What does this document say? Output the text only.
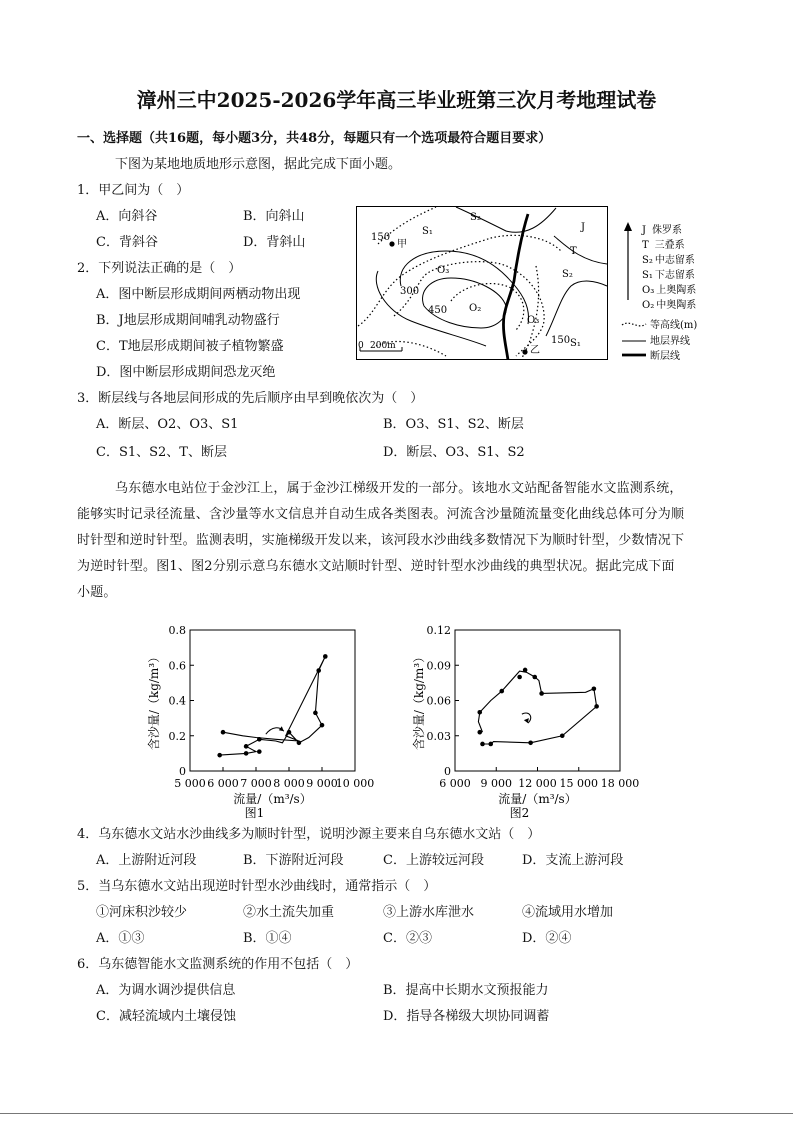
漳州三中2025-2026学年高三毕业班第三次月考地理试卷
一、选择题（共16题，每小题3分，共48分，每题只有一个选项最符合题目要求）
下图为某地地质地形示意图，据此完成下面小题。
1．甲乙间为（　）
A．向斜谷	B．向斜山
C．背斜谷	D．背斜山
2．下列说法正确的是（　）
A．图中断层形成期间两栖动物出现
B．J地层形成期间哺乳动物盛行
C．T地层形成期间被子植物繁盛
D．图中断层形成期间恐龙灭绝
150
甲
S₁
S₂
J
T
O₃
300
450 O₂
O₃
S₂
150 S₁
乙
0 200m
J 侏罗系
T 三叠系
S₂ 中志留系
S₁ 下志留系
O₃ 上奥陶系
O₂ 中奥陶系
等高线(m)
地层界线
断层线
3．断层线与各地层间形成的先后顺序由早到晚依次为（　）
A．断层、O2、O3、S1	B．O3、S1、S2、断层
C．S1、S2、T、断层	D．断层、O3、S1、S2
乌东德水电站位于金沙江上，属于金沙江梯级开发的一部分。该地水文站配备智能水文监测系统，
能够实时记录径流量、含沙量等水文信息并自动生成各类图表。河流含沙量随流量变化曲线总体可分为顺
时针型和逆时针型。监测表明，实施梯级开发以来，该河段水沙曲线多数情况下为顺时针型，少数情况下
为逆时针型。图1、图2分别示意乌东德水文站顺时针型、逆时针型水沙曲线的典型状况。据此完成下面
小题。
5 000 6 000 7 000 8 000 9 000
10 000
0
0.2
0.4
0.6
0.8
流量/（m³/s）
含沙量/（kg/m³）
图1
6 000 9 000 12 000 15 000 18 000
0
0.03
0.06
0.09
0.12
流量/（m³/s）
含沙量/（kg/m³）
图2
4．乌东德水文站水沙曲线多为顺时针型，说明沙源主要来自乌东德水文站（　）
A．上游附近河段	B．下游附近河段	C．上游较远河段	D．支流上游河段
5．当乌东德水文站出现逆时针型水沙曲线时，通常指示（　）
①河床积沙较少	②水土流失加重	③上游水库泄水	④流域用水增加
A．①③	B．①④	C．②③	D．②④
6．乌东德智能水文监测系统的作用不包括（　）
A．为调水调沙提供信息	B．提高中长期水文预报能力
C．减轻流域内土壤侵蚀	D．指导各梯级大坝协同调蓄
